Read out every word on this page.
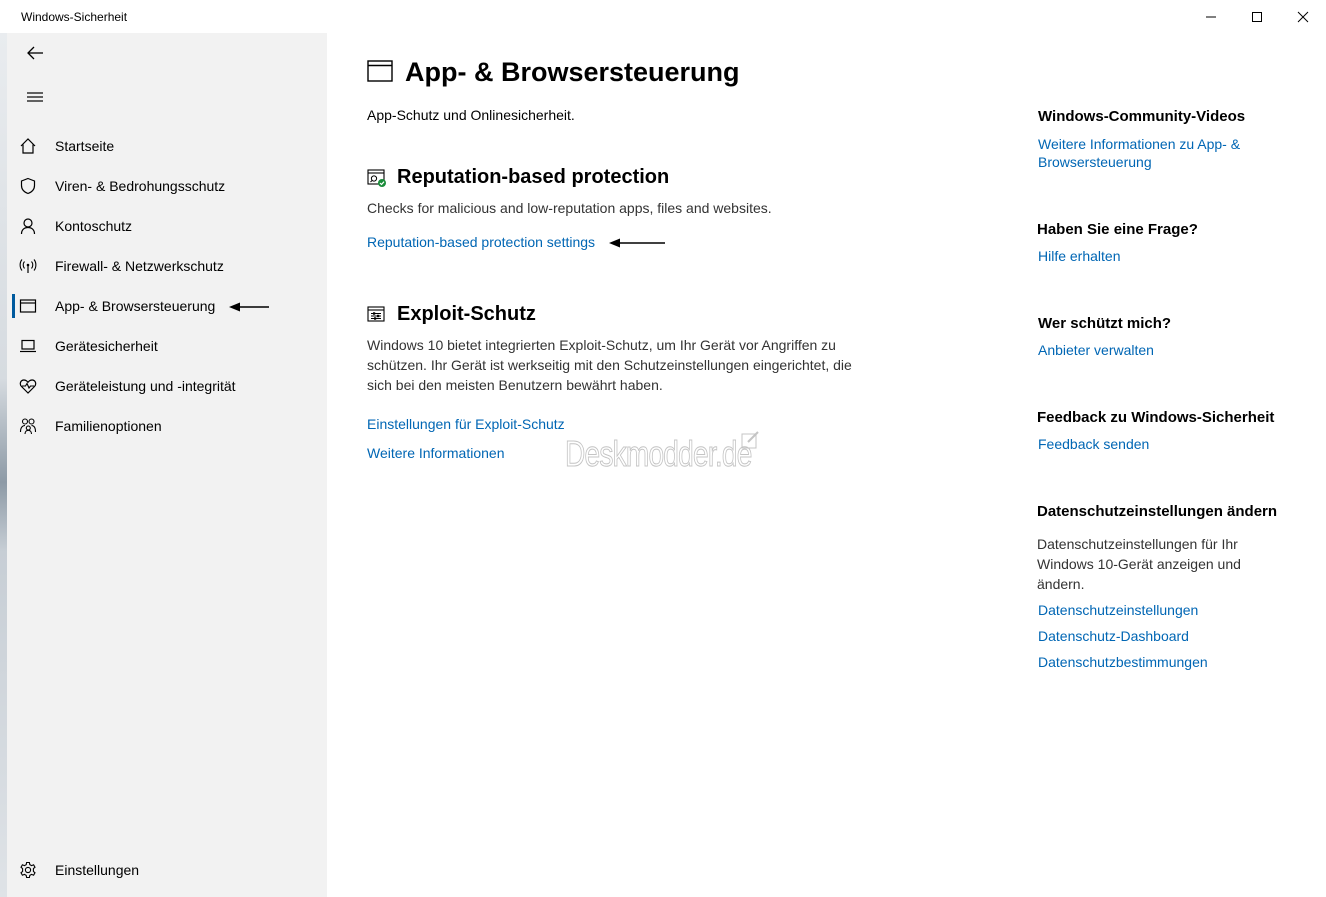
Windows-Sicherheit
Startseite
Viren- & Bedrohungsschutz
Kontoschutz
Firewall- & Netzwerkschutz
App- & Browsersteuerung
Gerätesicherheit
Geräteleistung und -integrität
Familienoptionen
Einstellungen
App- & Browsersteuerung

App-Schutz und Onlinesicherheit.

Reputation-based protection

Checks for malicious and low-reputation apps, files and websites.

Reputation-based protection settings
Exploit-Schutz

Windows 10 bietet integrierten Exploit-Schutz, um Ihr Gerät vor Angriffen zu schützen. Ihr Gerät ist werkseitig mit den Schutzeinstellungen eingerichtet, die sich bei den meisten Benutzern bewährt haben.

Einstellungen für Exploit-Schutz
Weitere Informationen Deskmodder.de
Windows-Community-Videos
Weitere Informationen zu App- & Browsersteuerung
Haben Sie eine Frage?
Hilfe erhalten
Wer schützt mich?
Anbieter verwalten
Feedback zu Windows-Sicherheit
Feedback senden
Datenschutzeinstellungen ändern

Datenschutzeinstellungen für Ihr Windows 10-Gerät anzeigen und ändern.

Datenschutzeinstellungen
Datenschutz-Dashboard
Datenschutzbestimmungen
